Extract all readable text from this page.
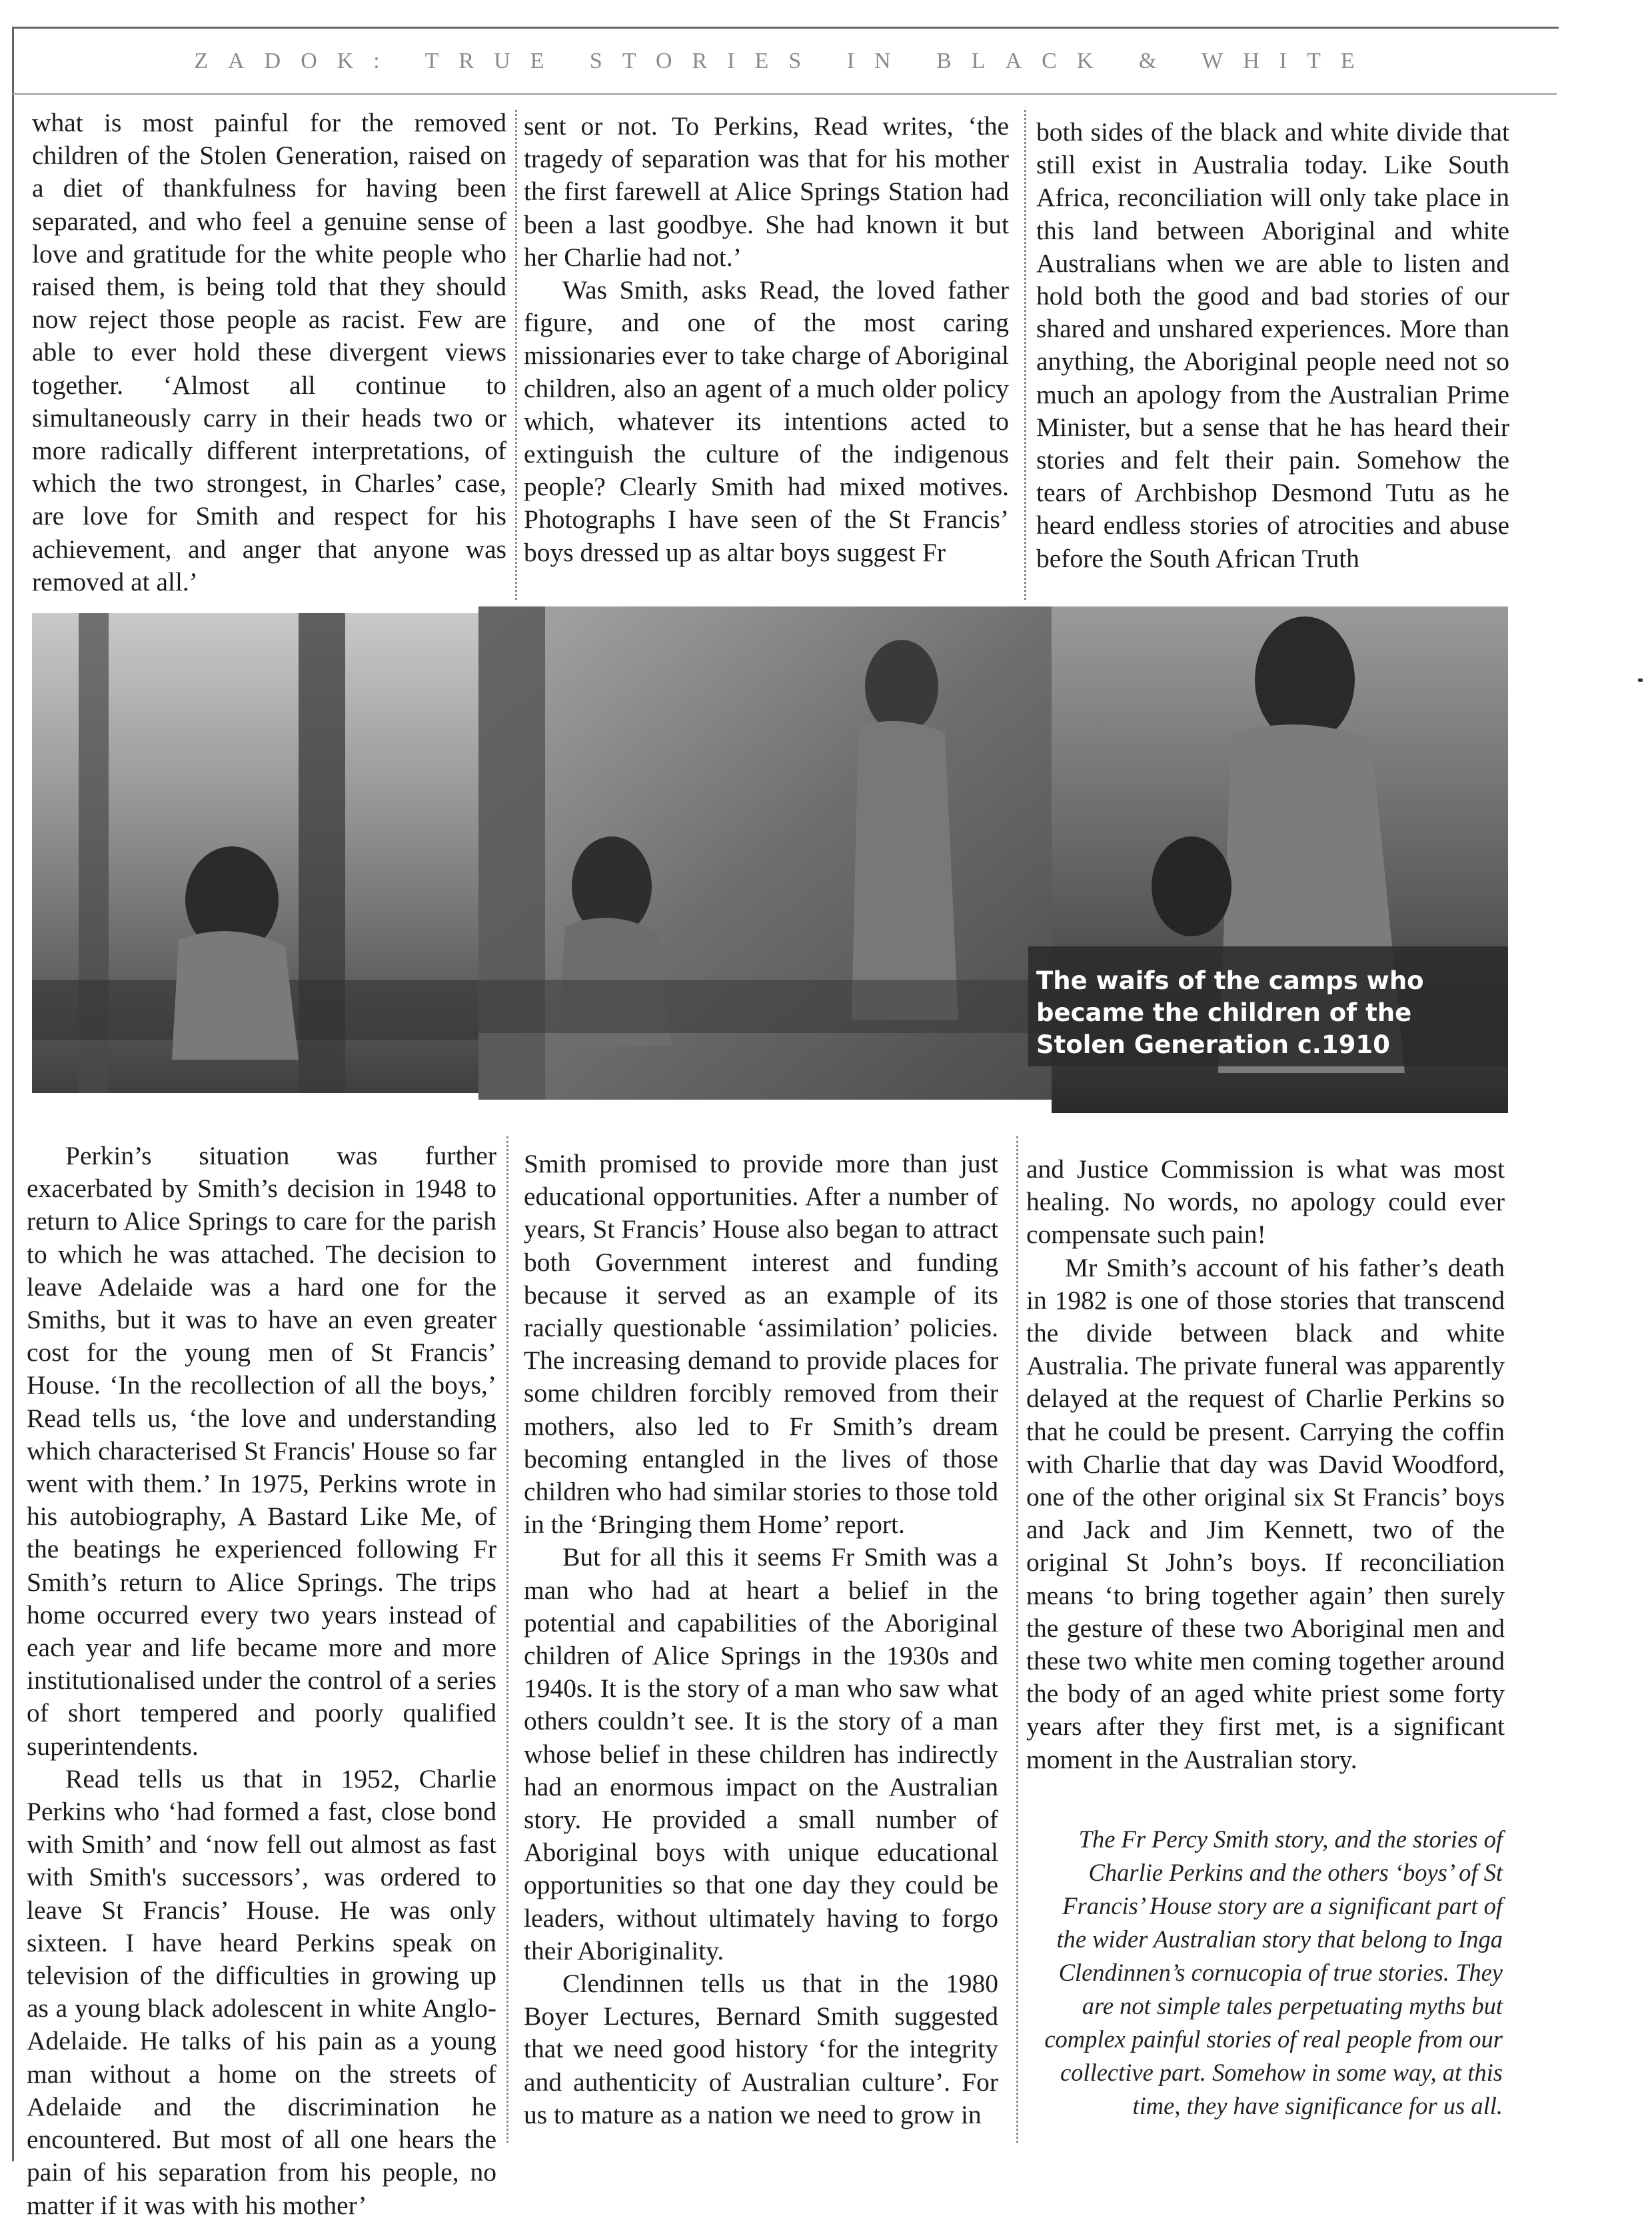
ZADOK: TRUE STORIES IN BLACK & WHITE

what is most painful for the removed children of the Stolen Generation, raised on a diet of thankfulness for having been separated, and who feel a genuine sense of love and gratitude for the white people who raised them, is being told that they should now reject those people as racist. Few are able to ever hold these divergent views together. ‘Almost all continue to simultaneously carry in their heads two or more radically different interpretations, of which the two strongest, in Charles’ case, are love for Smith and respect for his achievement, and anger that anyone was removed at all.’

sent or not. To Perkins, Read writes, ‘the tragedy of separation was that for his mother the first farewell at Alice Springs Station had been a last goodbye. She had known it but her Charlie had not.’

Was Smith, asks Read, the loved father figure, and one of the most caring missionaries ever to take charge of Aboriginal children, also an agent of a much older policy which, whatever its intentions acted to extinguish the culture of the indigenous people? Clearly Smith had mixed motives. Photographs I have seen of the St Francis’ boys dressed up as altar boys suggest Fr

both sides of the black and white divide that still exist in Australia today. Like South Africa, reconciliation will only take place in this land between Aboriginal and white Australians when we are able to listen and hold both the good and bad stories of our shared and unshared experiences. More than anything, the Aboriginal people need not so much an apology from the Australian Prime Minister, but a sense that he has heard their stories and felt their pain. Somehow the tears of Archbishop Desmond Tutu as he heard endless stories of atrocities and abuse before the South African Truth

The waifs of the camps who became the children of the Stolen Generation c.1910

Perkin’s situation was further exacerbated by Smith’s decision in 1948 to return to Alice Springs to care for the parish to which he was attached. The decision to leave Adelaide was a hard one for the Smiths, but it was to have an even greater cost for the young men of St Francis’ House. ‘In the recollection of all the boys,’ Read tells us, ‘the love and understanding which characterised St Francis' House so far went with them.’ In 1975, Perkins wrote in his autobiography, A Bastard Like Me, of the beatings he experienced following Fr Smith’s return to Alice Springs. The trips home occurred every two years instead of each year and life became more and more institutionalised under the control of a series of short tempered and poorly qualified superintendents.

Read tells us that in 1952, Charlie Perkins who ‘had formed a fast, close bond with Smith’ and ‘now fell out almost as fast with Smith's successors’, was ordered to leave St Francis’ House. He was only sixteen. I have heard Perkins speak on television of the difficulties in growing up as a young black adolescent in white Anglo-Adelaide. He talks of his pain as a young man without a home on the streets of Adelaide and the discrimination he encountered. But most of all one hears the pain of his separation from his people, no matter if it was with his mother’

Smith promised to provide more than just educational opportunities. After a number of years, St Francis’ House also began to attract both Government interest and funding because it served as an example of its racially questionable ‘assimilation’ policies. The increasing demand to provide places for some children forcibly removed from their mothers, also led to Fr Smith’s dream becoming entangled in the lives of those children who had similar stories to those told in the ‘Bringing them Home’ report.

But for all this it seems Fr Smith was a man who had at heart a belief in the potential and capabilities of the Aboriginal children of Alice Springs in the 1930s and 1940s. It is the story of a man who saw what others couldn’t see. It is the story of a man whose belief in these children has indirectly had an enormous impact on the Australian story. He provided a small number of Aboriginal boys with unique educational opportunities so that one day they could be leaders, without ultimately having to forgo their Aboriginality.

Clendinnen tells us that in the 1980 Boyer Lectures, Bernard Smith suggested that we need good history ‘for the integrity and authenticity of Australian culture’. For us to mature as a nation we need to grow in

and Justice Commission is what was most healing. No words, no apology could ever compensate such pain!

Mr Smith’s account of his father’s death in 1982 is one of those stories that transcend the divide between black and white Australia. The private funeral was apparently delayed at the request of Charlie Perkins so that he could be present. Carrying the coffin with Charlie that day was David Woodford, one of the other original six St Francis’ boys and Jack and Jim Kennett, two of the original St John’s boys. If reconciliation means ‘to bring together again’ then surely the gesture of these two Aboriginal men and these two white men coming together around the body of an aged white priest some forty years after they first met, is a significant moment in the Australian story.

The Fr Percy Smith story, and the stories of Charlie Perkins and the others ‘boys’ of St Francis’ House story are a significant part of the wider Australian story that belong to Inga Clendinnen’s cornucopia of true stories. They are not simple tales perpetuating myths but complex painful stories of real people from our collective part. Somehow in some way, at this time, they have significance for us all.
